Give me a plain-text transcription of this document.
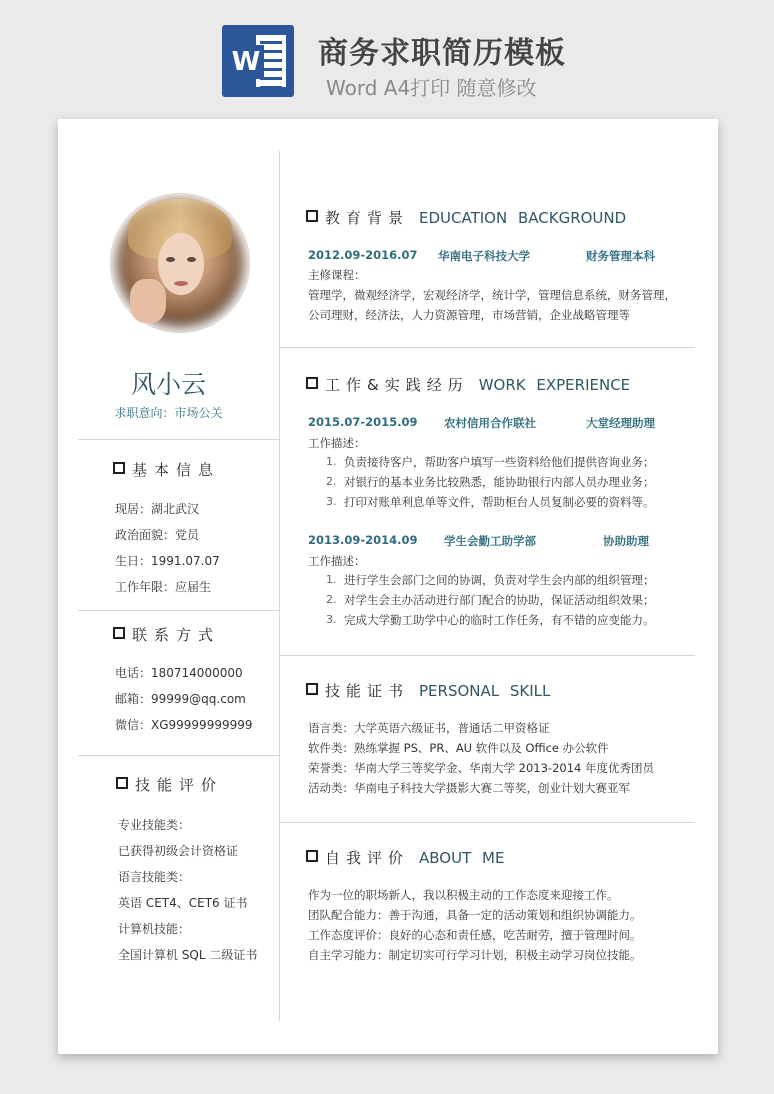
W 商务求职简历模板
Word A4打印 随意修改
风小云
求职意向：市场公关
基本信息
现居：湖北武汉
政治面貌：党员
生日：1991.07.07
工作年限：应届生
联系方式
电话：180714000000
邮箱：99999@qq.com
微信：XG99999999999
技能评价
专业技能类：
已获得初级会计资格证
语言技能类：
英语 CET4、CET6 证书
计算机技能：
全国计算机 SQL 二级证书
教育背景 EDUCATION BACKGROUND
2012.09-2016.07 华南电子科技大学	财务管理本科
主修课程：
管理学，微观经济学，宏观经济学，统计学，管理信息系统，财务管理，
公司理财，经济法，人力资源管理，市场营销，企业战略管理等
工作&实践经历 WORK EXPERIENCE
2015.07-2015.09 农村信用合作联社	大堂经理助理
工作描述：
1. 负责接待客户，帮助客户填写一些资料给他们提供咨询业务；
2. 对银行的基本业务比较熟悉，能协助银行内部人员办理业务；
3. 打印对账单利息单等文件，帮助柜台人员复制必要的资料等。
2013.09-2014.09 学生会勤工助学部	协助助理
工作描述：
1. 进行学生会部门之间的协调，负责对学生会内部的组织管理；
2. 对学生会主办活动进行部门配合的协助，保证活动组织效果；
3. 完成大学勤工助学中心的临时工作任务，有不错的应变能力。
技能证书 PERSONAL SKILL
语言类：大学英语六级证书，普通话二甲资格证
软件类：熟练掌握 PS、PR、AU 软件以及 Office 办公软件
荣誉类：华南大学三等奖学金、华南大学 2013-2014 年度优秀团员
活动类：华南电子科技大学摄影大赛二等奖，创业计划大赛亚军
自我评价 ABOUT ME
作为一位的职场新人，我以积极主动的工作态度来迎接工作。
团队配合能力：善于沟通，具备一定的活动策划和组织协调能力。
工作态度评价：良好的心态和责任感，吃苦耐劳，擅于管理时间。
自主学习能力：制定切实可行学习计划，积极主动学习岗位技能。
